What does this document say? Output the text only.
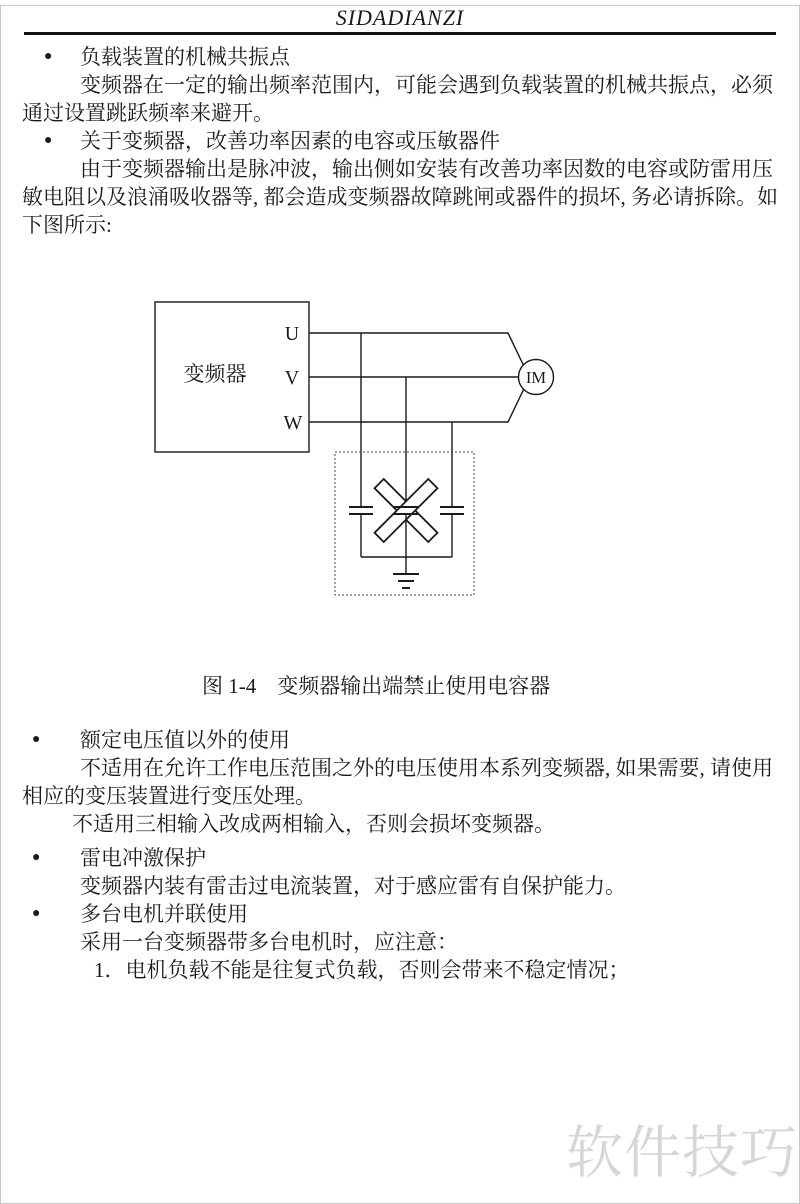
SIDADIANZI
●	负载装置的机械共振点

变频器在一定的输出频率范围内，可能会遇到负载装置的机械共振点，必须通过设置跳跃频率来避开。

●	关于变频器，改善功率因素的电容或压敏器件

由于变频器输出是脉冲波，输出侧如安装有改善功率因数的电容或防雷用压敏电阻以及浪涌吸收器等, 都会造成变频器故障跳闸或器件的损坏, 务必请拆除。如下图所示:

变频器
U
V
W
IM
图 1-4　变频器输出端禁止使用电容器
●	额定电压值以外的使用

不适用在允许工作电压范围之外的电压使用本系列变频器, 如果需要, 请使用相应的变压装置进行变压处理。

不适用三相输入改成两相输入，否则会损坏变频器。

●	雷电冲激保护

变频器内装有雷击过电流装置，对于感应雷有自保护能力。

●	多台电机并联使用

采用一台变频器带多台电机时，应注意：

1．电机负载不能是往复式负载，否则会带来不稳定情况；

软件技巧
